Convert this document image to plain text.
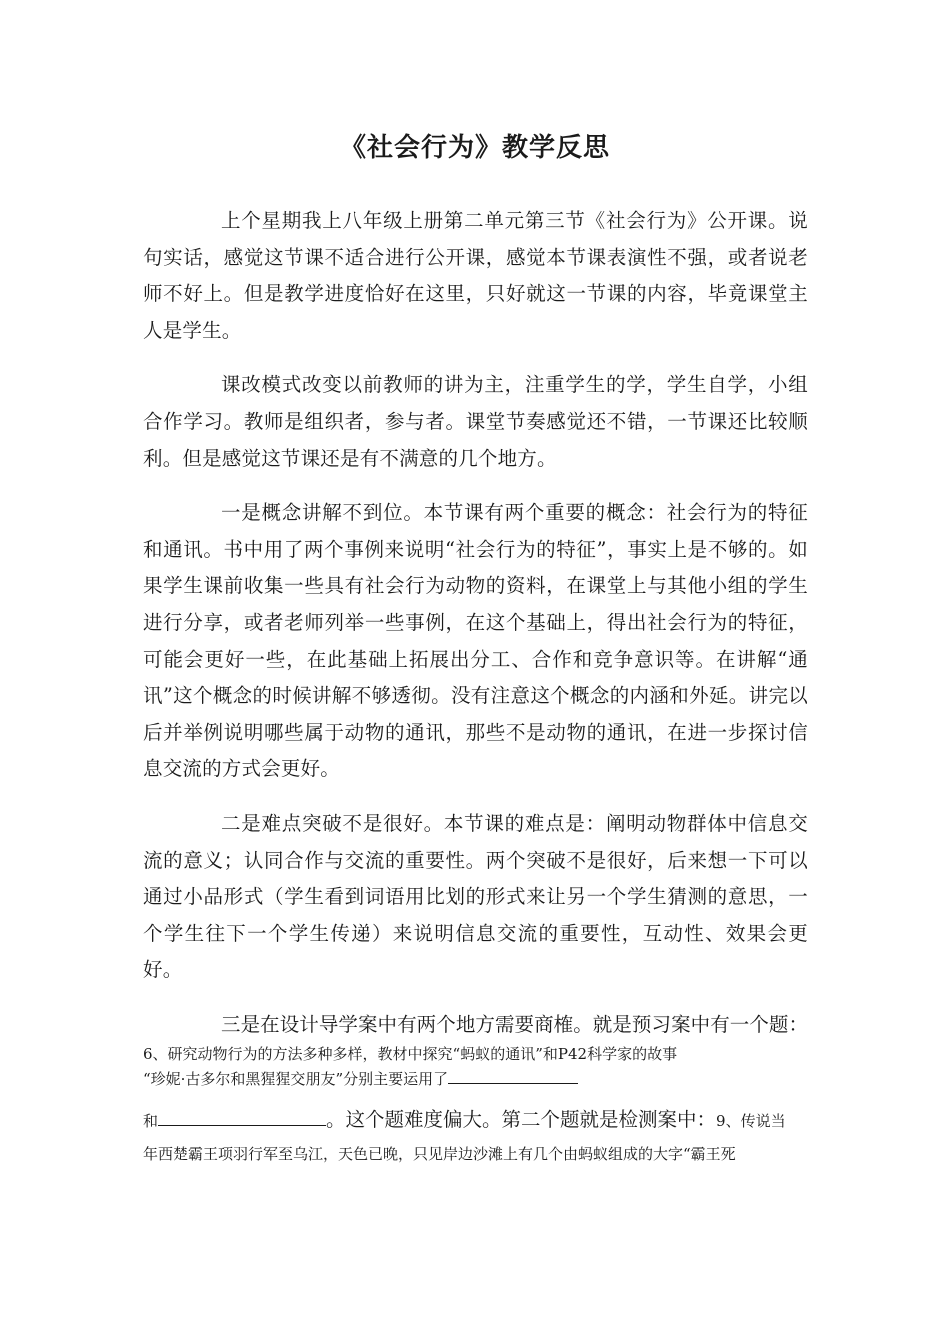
《社会行为》教学反思

上个星期我上八年级上册第二单元第三节《社会行为》公开课。说句实话，感觉这节课不适合进行公开课，感觉本节课表演性不强，或者说老师不好上。但是教学进度恰好在这里，只好就这一节课的内容，毕竟课堂主人是学生。

课改模式改变以前教师的讲为主，注重学生的学，学生自学，小组合作学习。教师是组织者，参与者。课堂节奏感觉还不错，一节课还比较顺利。但是感觉这节课还是有不满意的几个地方。

一是概念讲解不到位。本节课有两个重要的概念：社会行为的特征和通讯。书中用了两个事例来说明“社会行为的特征”，事实上是不够的。如果学生课前收集一些具有社会行为动物的资料，在课堂上与其他小组的学生进行分享，或者老师列举一些事例，在这个基础上，得出社会行为的特征，可能会更好一些，在此基础上拓展出分工、合作和竞争意识等。在讲解“通讯”这个概念的时候讲解不够透彻。没有注意这个概念的内涵和外延。讲完以后并举例说明哪些属于动物的通讯，那些不是动物的通讯，在进一步探讨信息交流的方式会更好。

二是难点突破不是很好。本节课的难点是：阐明动物群体中信息交流的意义；认同合作与交流的重要性。两个突破不是很好，后来想一下可以通过小品形式（学生看到词语用比划的形式来让另一个学生猜测的意思，一个学生往下一个学生传递）来说明信息交流的重要性，互动性、效果会更好。

三是在设计导学案中有两个地方需要商榷。就是预习案中有一个题：6、研究动物行为的方法多种多样，教材中探究“蚂蚁的通讯”和P42科学家的故事

“珍妮·古多尔和黑猩猩交朋友”分别主要运用了

和	。这个题难度偏大。第二个题就是检测案中：9、传说当

年西楚霸王项羽行军至乌江，天色已晚，只见岸边沙滩上有几个由蚂蚁组成的大字“霸王死
